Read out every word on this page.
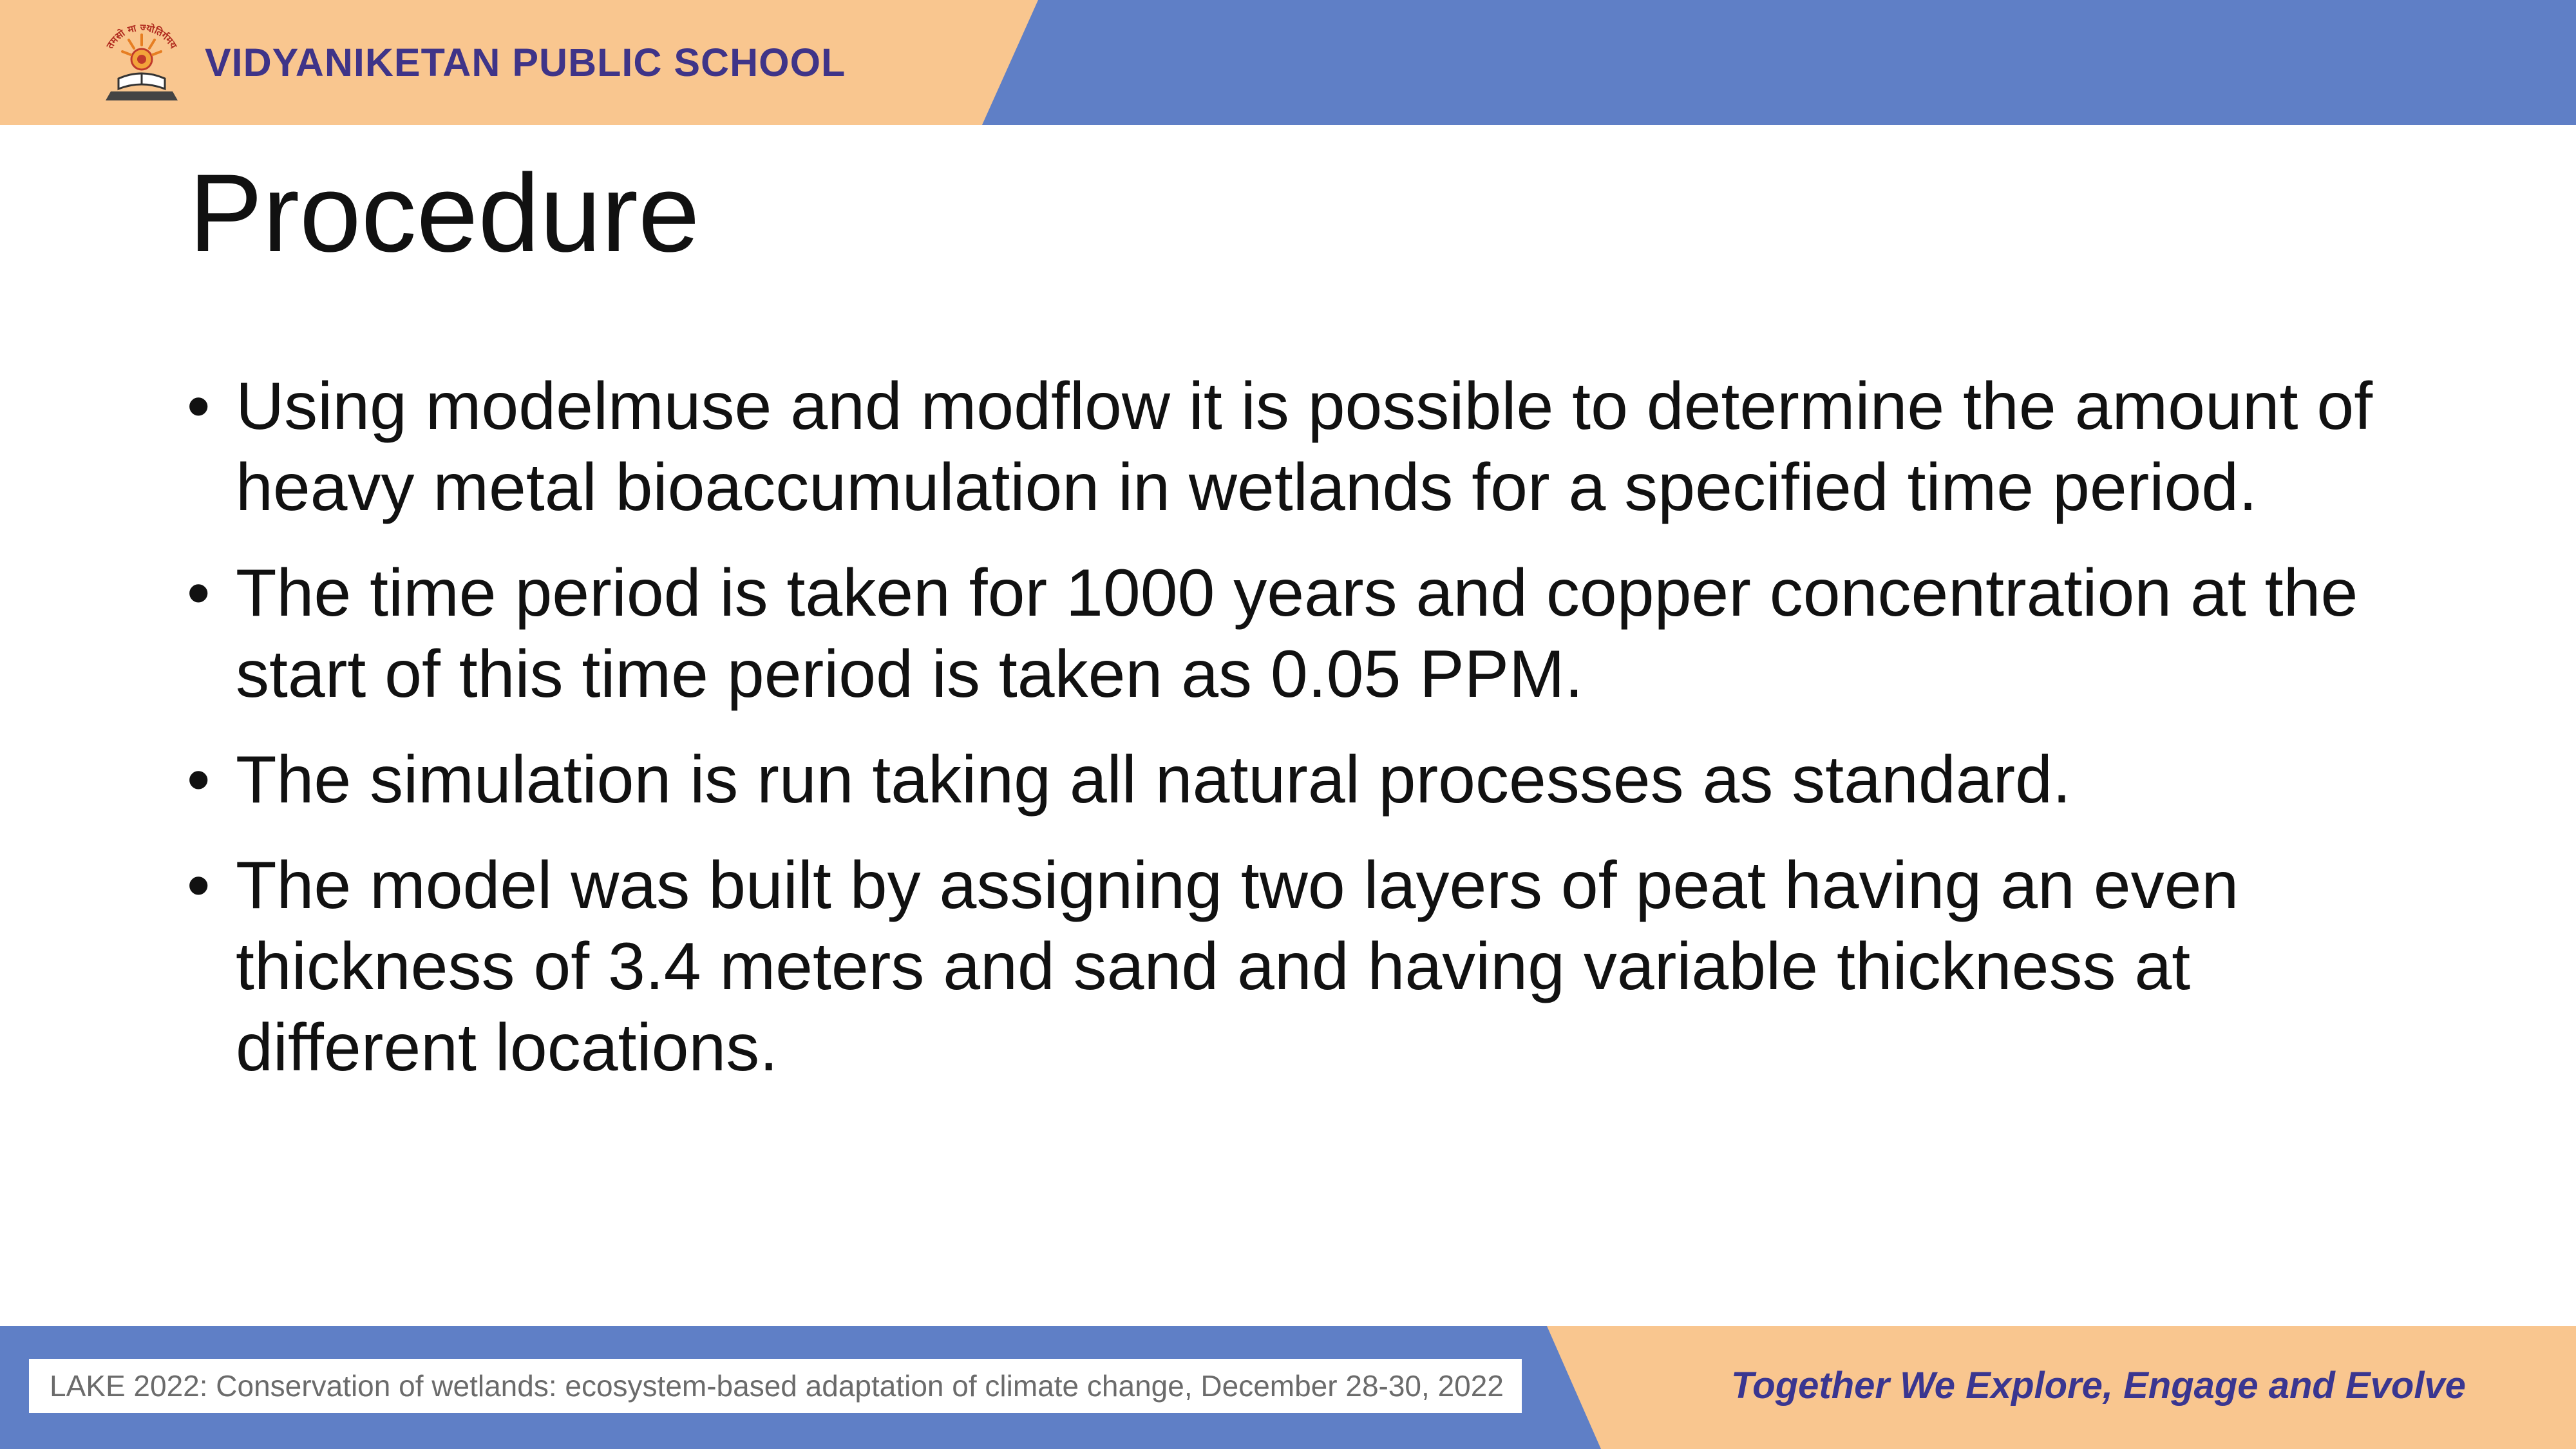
तमसो मा ज्योतिर्गमय VIDYANIKETAN PUBLIC SCHOOL
Procedure
• Using modelmuse and modflow it is possible to determine the amount of heavy metal bioaccumulation in wetlands for a specified time period.
• The time period is taken for 1000 years and copper concentration at the start of this time period is taken as 0.05 PPM.
• The simulation is run taking all natural processes as standard.
• The model was built by assigning two layers of peat having an even thickness of 3.4 meters and sand and having variable thickness at different locations.
LAKE 2022: Conservation of wetlands: ecosystem-based adaptation of climate change, December 28-30, 2022	Together We Explore, Engage and Evolve
